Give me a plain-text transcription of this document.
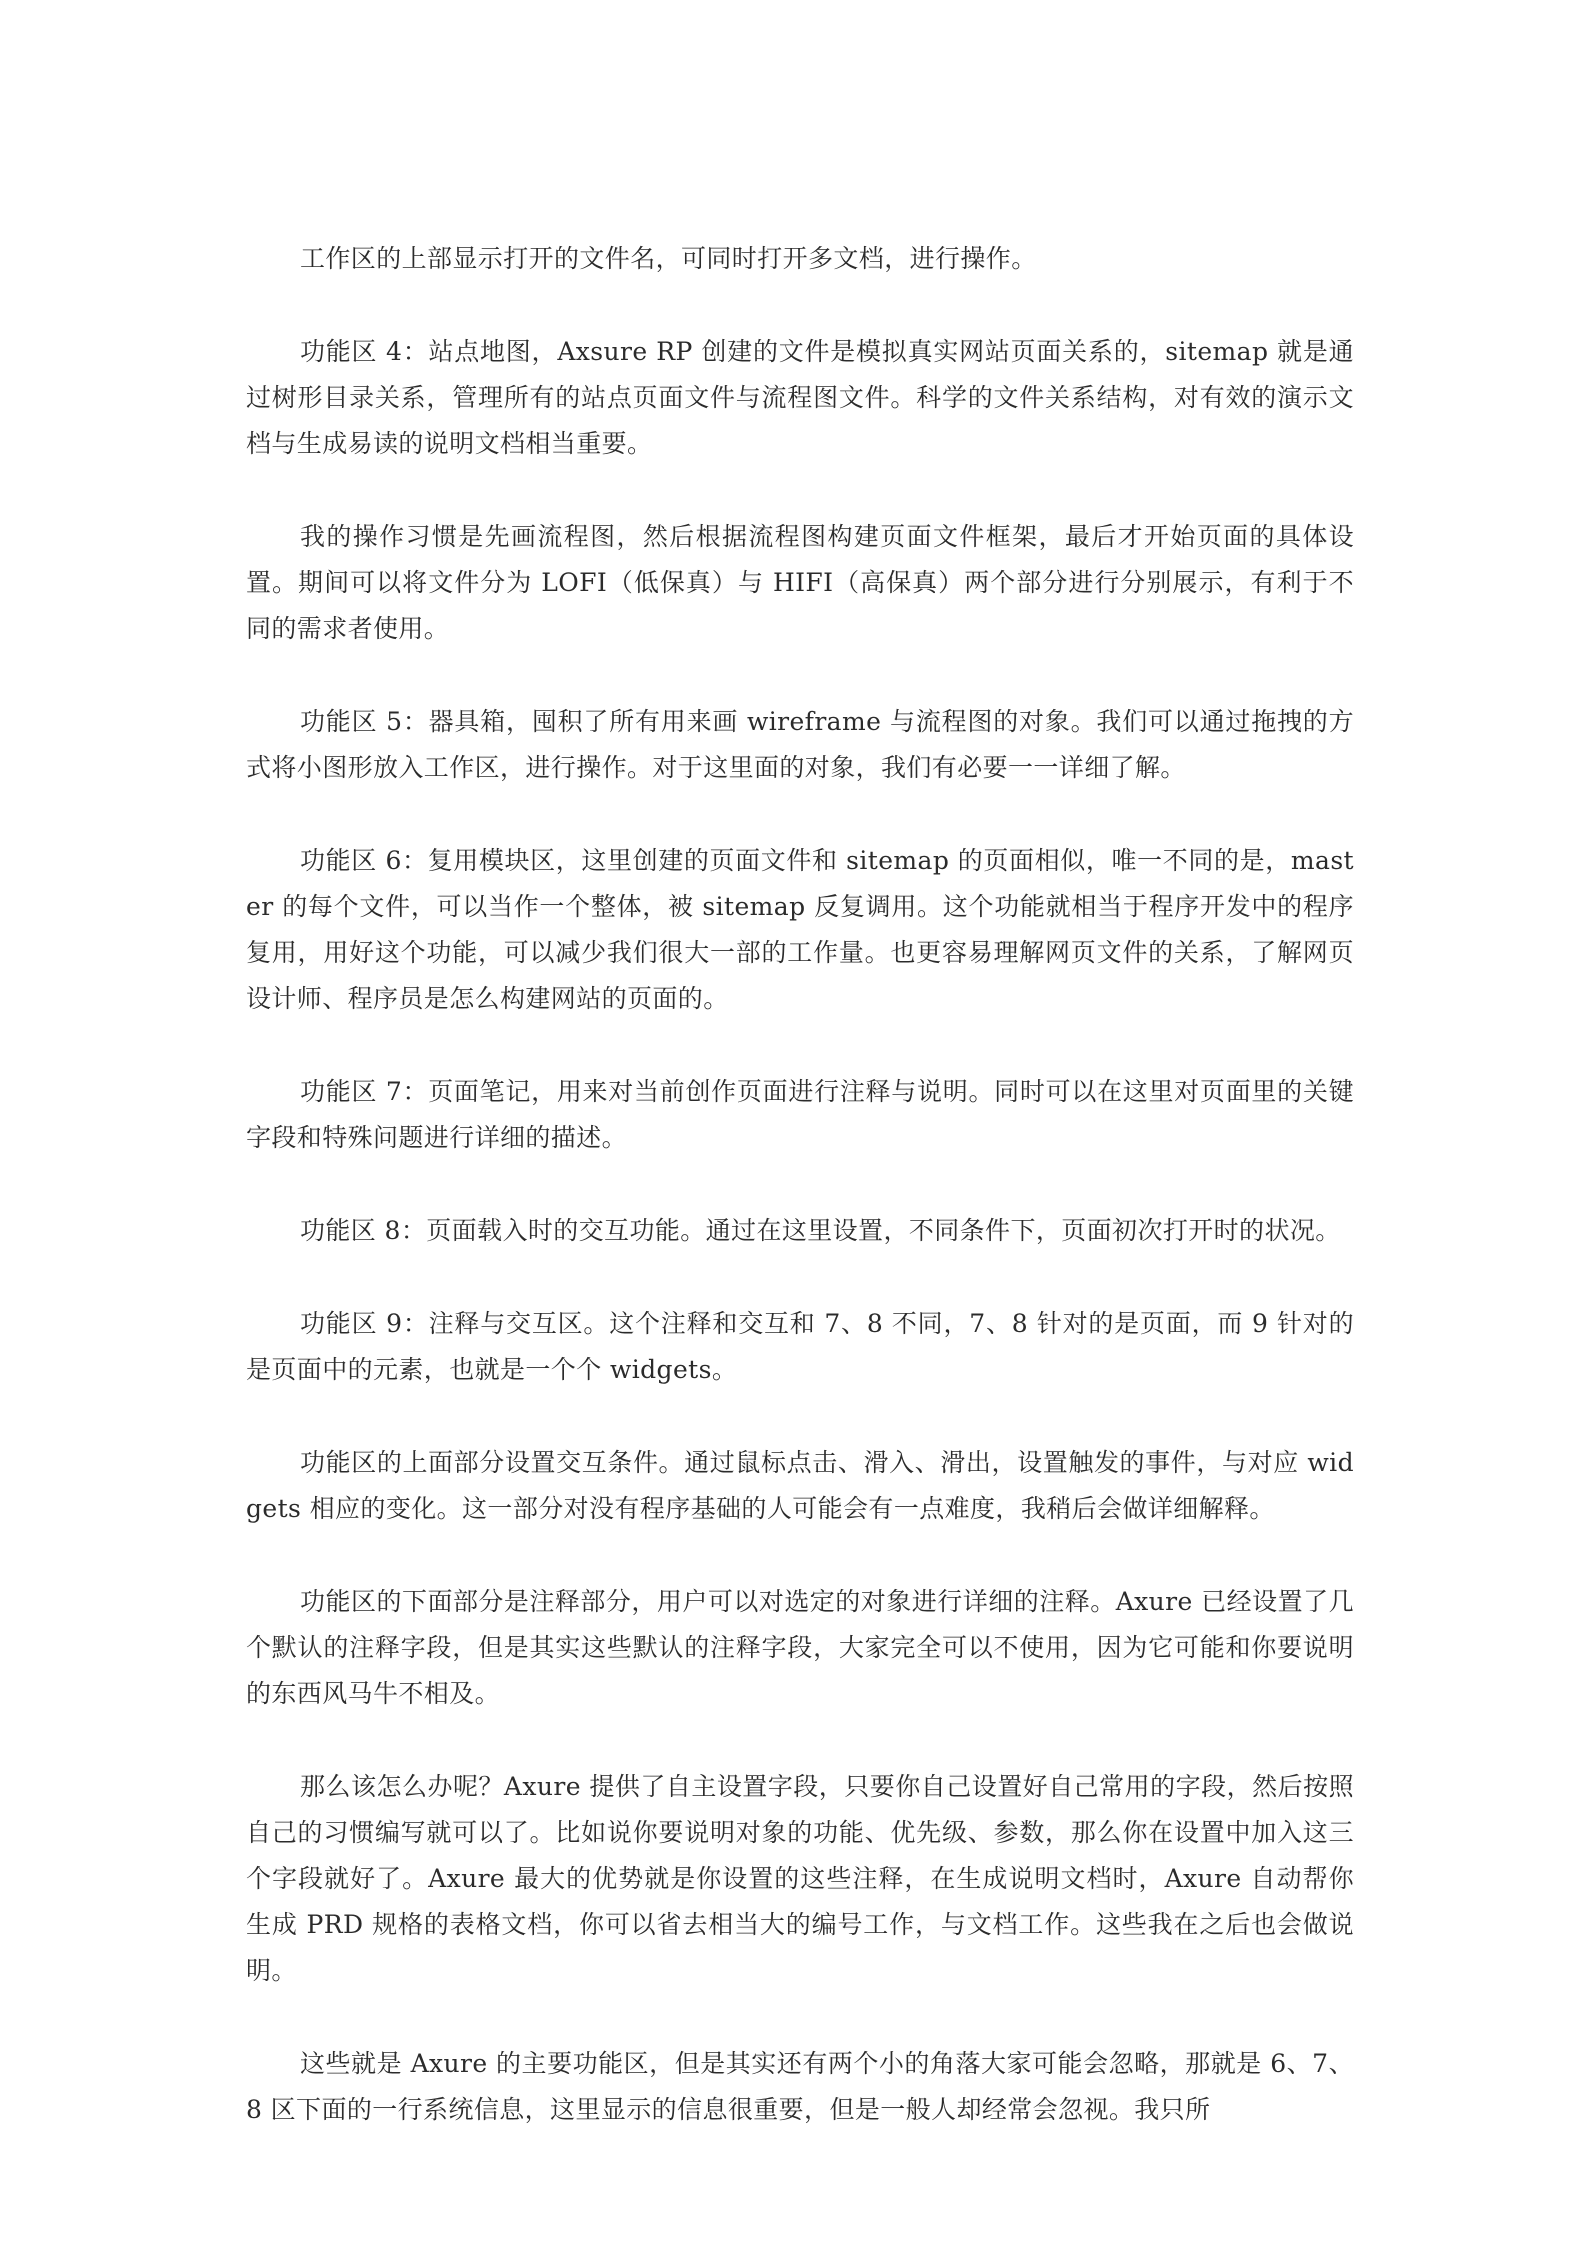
工作区的上部显示打开的文件名，可同时打开多文档，进行操作。

功能区 4：站点地图，Axsure RP 创建的文件是模拟真实网站页面关系的，sitemap 就是通过树形目录关系，管理所有的站点页面文件与流程图文件。科学的文件关系结构，对有效的演示文档与生成易读的说明文档相当重要。

我的操作习惯是先画流程图，然后根据流程图构建页面文件框架，最后才开始页面的具体设置。期间可以将文件分为 LOFI（低保真）与 HIFI（高保真）两个部分进行分别展示，有利于不同的需求者使用。

功能区 5：器具箱，囤积了所有用来画 wireframe 与流程图的对象。我们可以通过拖拽的方式将小图形放入工作区，进行操作。对于这里面的对象，我们有必要一一详细了解。

功能区 6：复用模块区，这里创建的页面文件和 sitemap 的页面相似，唯一不同的是，master 的每个文件，可以当作一个整体，被 sitemap 反复调用。这个功能就相当于程序开发中的程序复用，用好这个功能，可以减少我们很大一部的工作量。也更容易理解网页文件的关系，了解网页设计师、程序员是怎么构建网站的页面的。

功能区 7：页面笔记，用来对当前创作页面进行注释与说明。同时可以在这里对页面里的关键字段和特殊问题进行详细的描述。

功能区 8：页面载入时的交互功能。通过在这里设置，不同条件下，页面初次打开时的状况。

功能区 9：注释与交互区。这个注释和交互和 7、8 不同，7、8 针对的是页面，而 9 针对的是页面中的元素，也就是一个个 widgets。

功能区的上面部分设置交互条件。通过鼠标点击、滑入、滑出，设置触发的事件，与对应 widgets 相应的变化。这一部分对没有程序基础的人可能会有一点难度，我稍后会做详细解释。

功能区的下面部分是注释部分，用户可以对选定的对象进行详细的注释。Axure 已经设置了几个默认的注释字段，但是其实这些默认的注释字段，大家完全可以不使用，因为它可能和你要说明的东西风马牛不相及。

那么该怎么办呢？Axure 提供了自主设置字段，只要你自己设置好自己常用的字段，然后按照自己的习惯编写就可以了。比如说你要说明对象的功能、优先级、参数，那么你在设置中加入这三个字段就好了。Axure 最大的优势就是你设置的这些注释，在生成说明文档时，Axure 自动帮你生成 PRD 规格的表格文档，你可以省去相当大的编号工作，与文档工作。这些我在之后也会做说明。

这些就是 Axure 的主要功能区，但是其实还有两个小的角落大家可能会忽略，那就是 6、7、8 区下面的一行系统信息，这里显示的信息很重要，但是一般人却经常会忽视。我只所
